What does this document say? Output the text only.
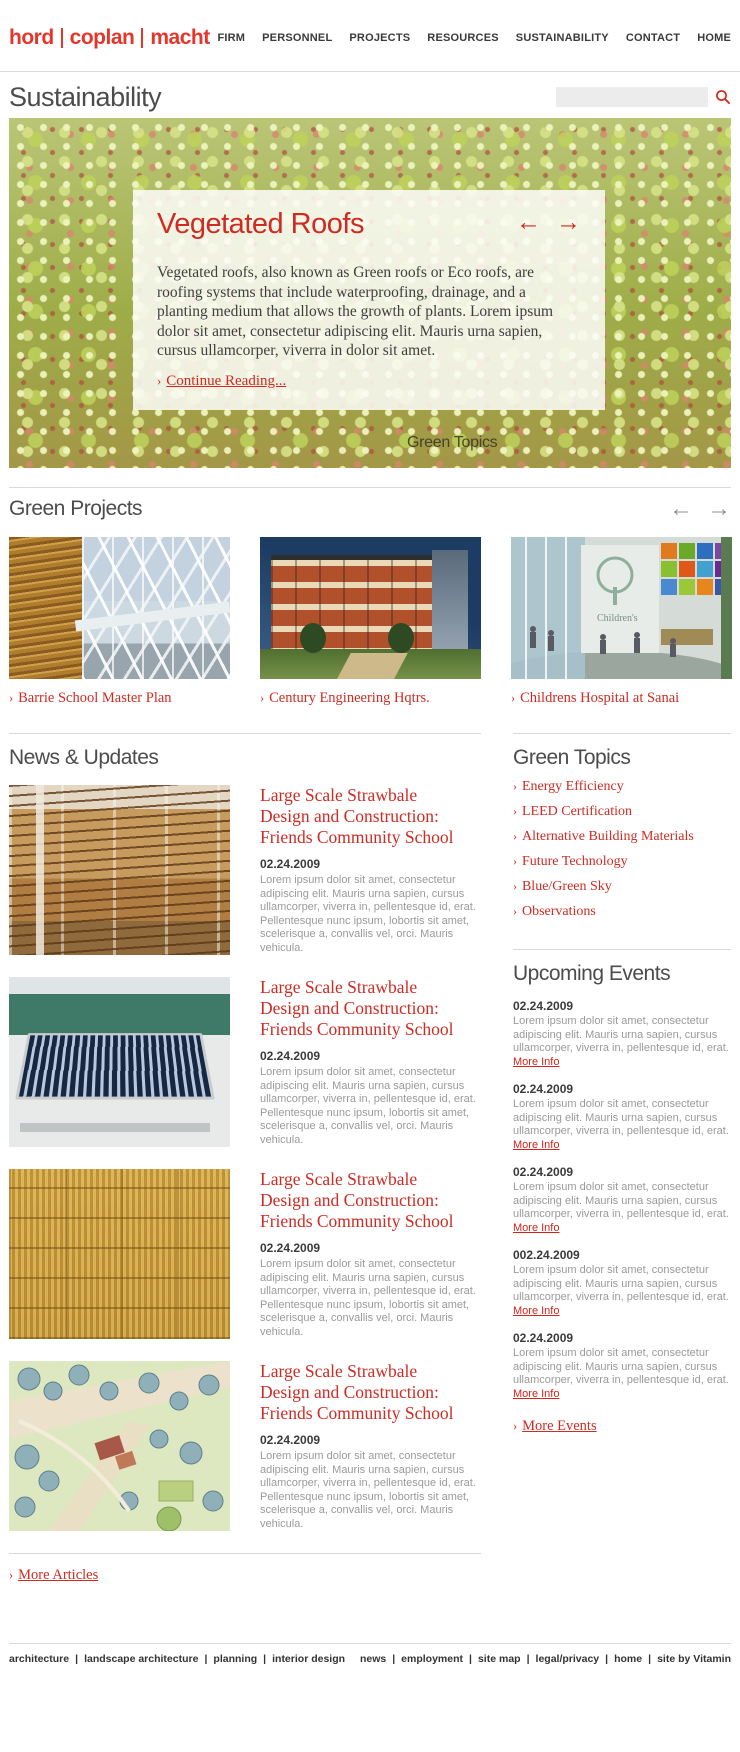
hord coplan macht FIRM PERSONNEL PROJECTS RESOURCES SUSTAINABILITY CONTACT HOME
Sustainability
Vegetated Roofs	← →
Vegetated roofs, also known as Green roofs or Eco roofs, are roofing systems that include waterproofing, drainage, and a planting medium that allows the growth of plants. Lorem ipsum dolor sit amet, consectetur adipiscing elit. Mauris urna sapien, cursus ullamcorper, viverra in dolor sit amet.
› Continue Reading...
Green Topics
Green Projects	← →
› Barrie School Master Plan	› Century Engineering Hqtrs.
Children's
› Childrens Hospital at Sanai
News & Updates
Large Scale Strawbale Design and Construction: Friends Community School
02.24.2009
Lorem ipsum dolor sit amet, consectetur adipiscing elit. Mauris urna sapien, cursus ullamcorper, viverra in, pellentesque id, erat. Pellentesque nunc ipsum, lobortis sit amet, scelerisque a, convallis vel, orci. Mauris vehicula.
Large Scale Strawbale Design and Construction: Friends Community School
02.24.2009
Lorem ipsum dolor sit amet, consectetur adipiscing elit. Mauris urna sapien, cursus ullamcorper, viverra in, pellentesque id, erat. Pellentesque nunc ipsum, lobortis sit amet, scelerisque a, convallis vel, orci. Mauris vehicula.
Large Scale Strawbale Design and Construction: Friends Community School
02.24.2009
Lorem ipsum dolor sit amet, consectetur adipiscing elit. Mauris urna sapien, cursus ullamcorper, viverra in, pellentesque id, erat. Pellentesque nunc ipsum, lobortis sit amet, scelerisque a, convallis vel, orci. Mauris vehicula.
Large Scale Strawbale Design and Construction: Friends Community School
02.24.2009
Lorem ipsum dolor sit amet, consectetur adipiscing elit. Mauris urna sapien, cursus ullamcorper, viverra in, pellentesque id, erat. Pellentesque nunc ipsum, lobortis sit amet, scelerisque a, convallis vel, orci. Mauris vehicula.
› More Articles
Green Topics
› Energy Efficiency
› LEED Certification
› Alternative Building Materials
› Future Technology
› Blue/Green Sky
› Observations
Upcoming Events
02.24.2009
Lorem ipsum dolor sit amet, consectetur adipiscing elit. Mauris urna sapien, cursus ullamcorper, viverra in, pellentesque id, erat. More Info
02.24.2009
Lorem ipsum dolor sit amet, consectetur adipiscing elit. Mauris urna sapien, cursus ullamcorper, viverra in, pellentesque id, erat. More Info
02.24.2009
Lorem ipsum dolor sit amet, consectetur adipiscing elit. Mauris urna sapien, cursus ullamcorper, viverra in, pellentesque id, erat. More Info
002.24.2009
Lorem ipsum dolor sit amet, consectetur adipiscing elit. Mauris urna sapien, cursus ullamcorper, viverra in, pellentesque id, erat. More Info
02.24.2009
Lorem ipsum dolor sit amet, consectetur adipiscing elit. Mauris urna sapien, cursus ullamcorper, viverra in, pellentesque id, erat. More Info
› More Events
architecture | landscape architecture | planning | interior design news | employment | site map | legal/privacy | home | site by Vitamin
